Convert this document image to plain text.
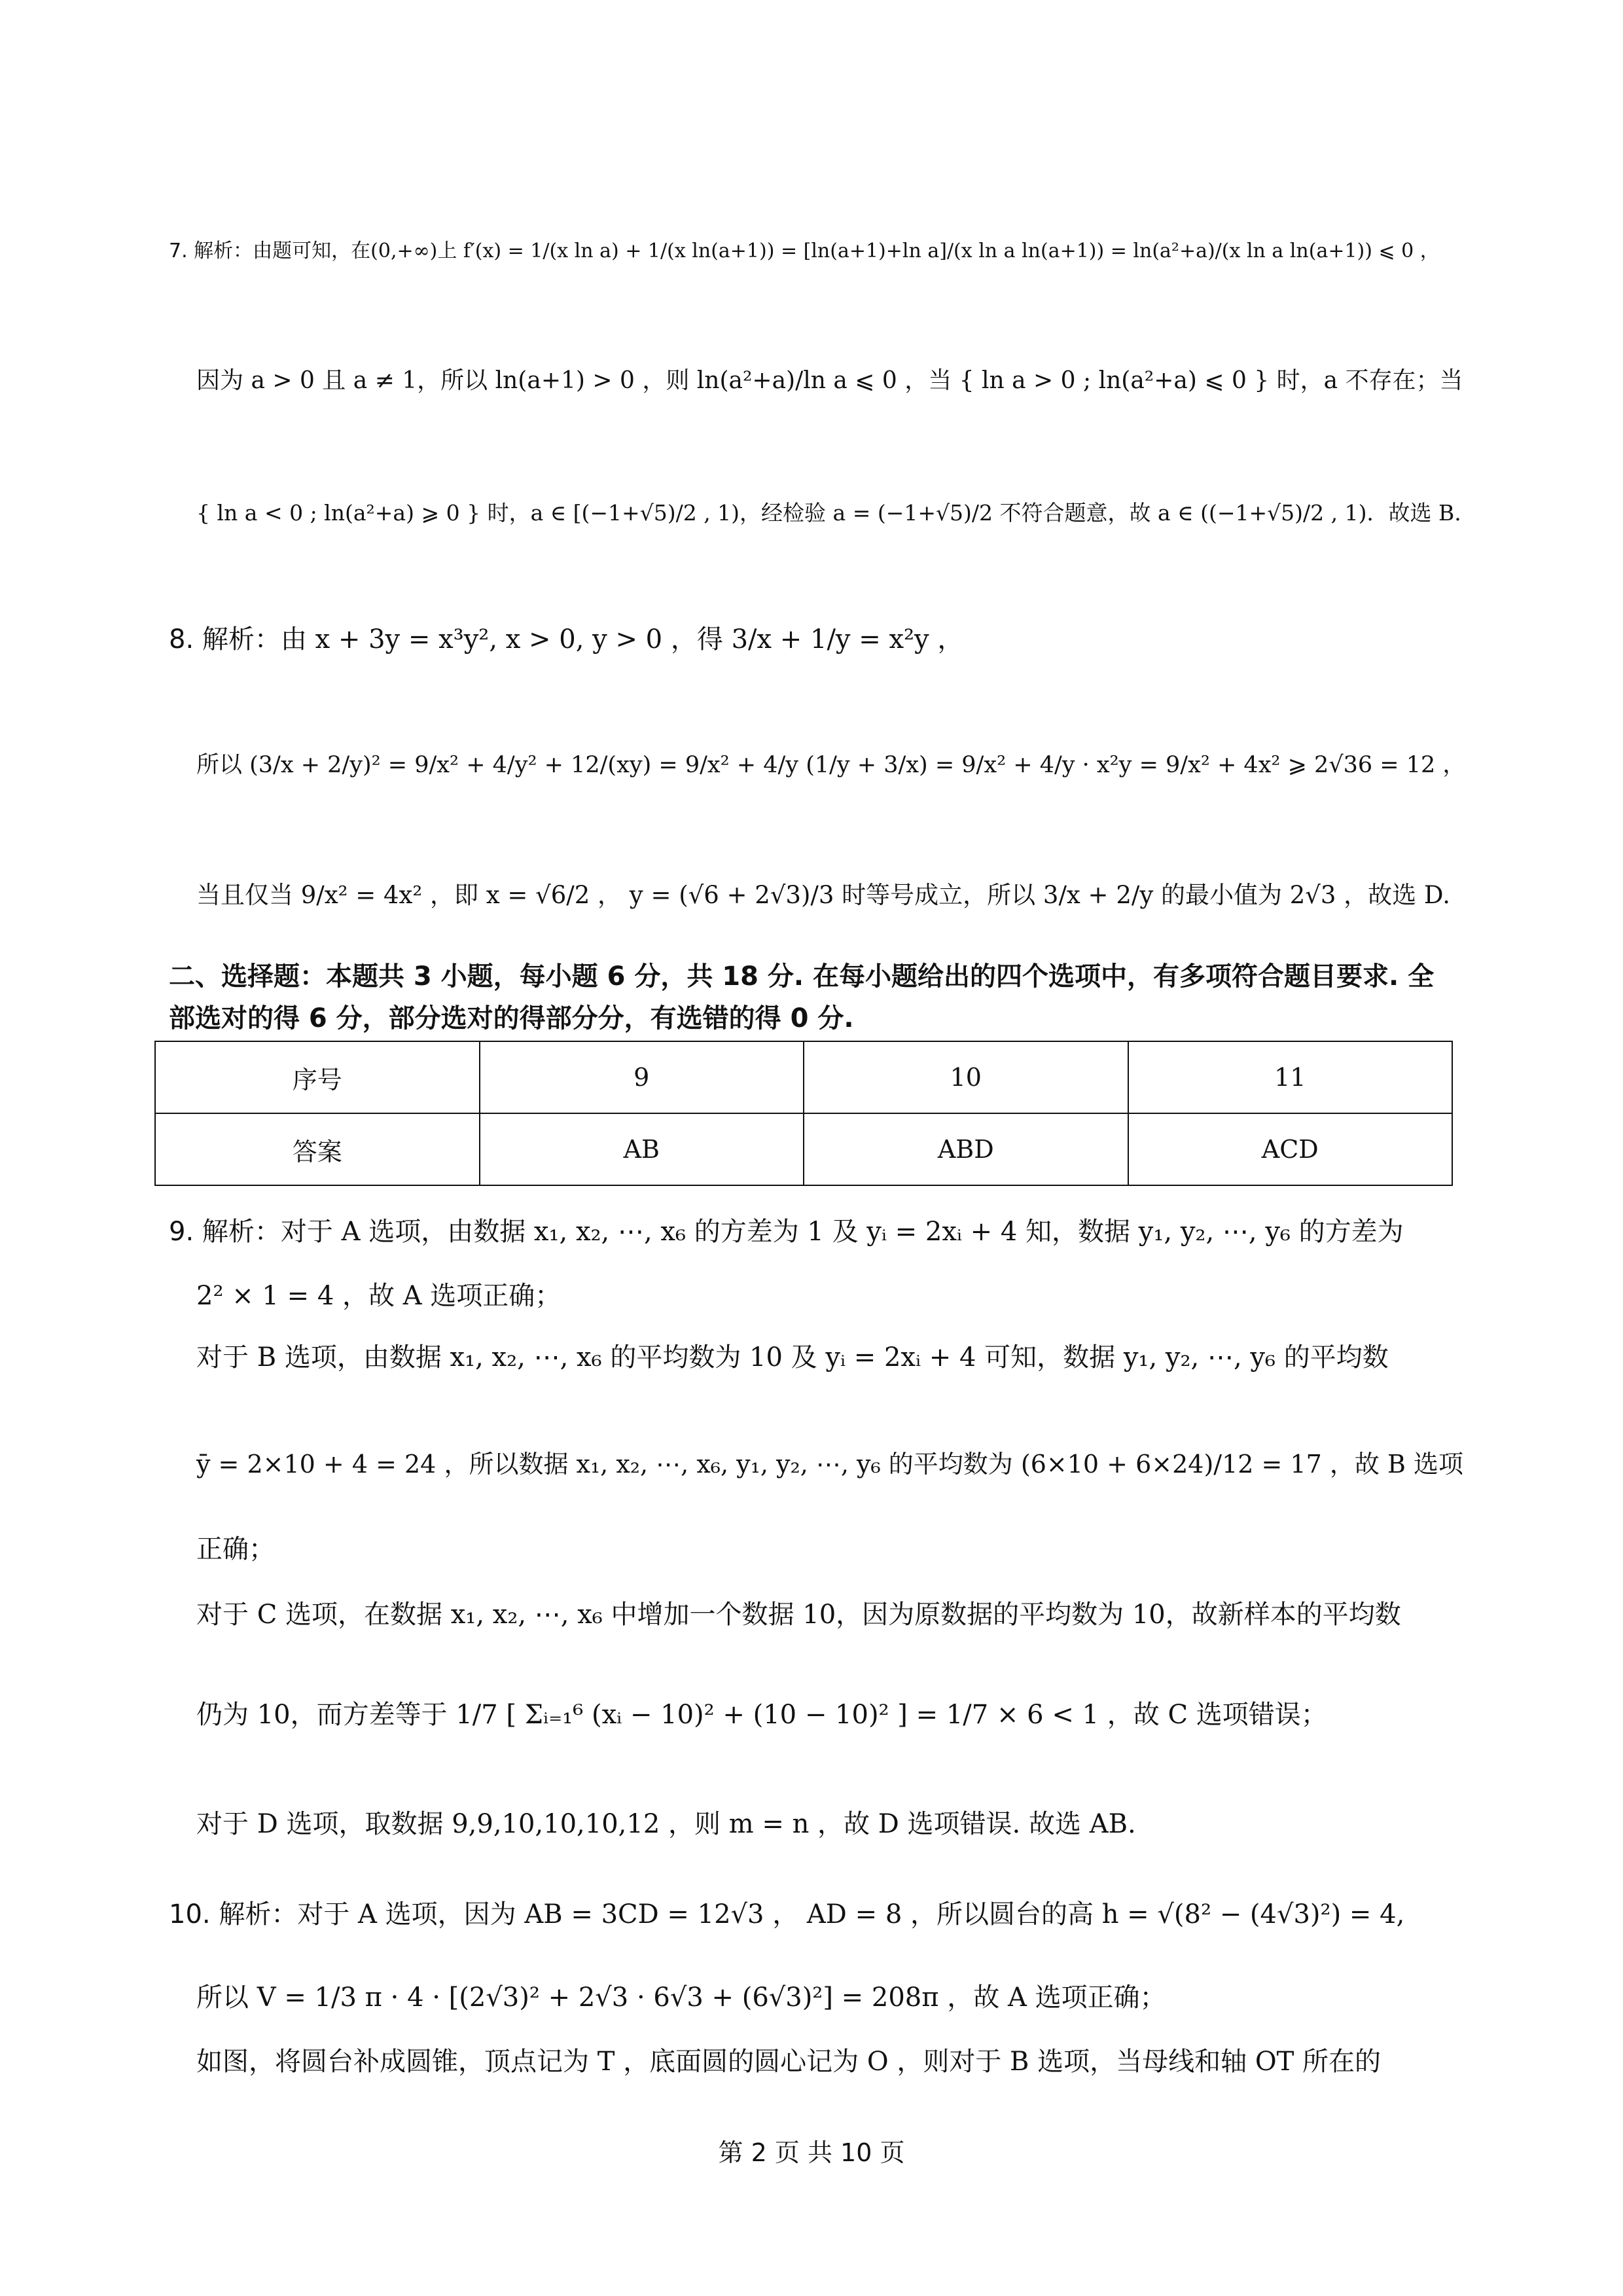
7. 解析：由题可知，在(0,+∞)上 f′(x) = 1/(x ln a) + 1/(x ln(a+1)) = [ln(a+1)+ln a]/(x ln a ln(a+1)) = ln(a²+a)/(x ln a ln(a+1)) ⩽ 0 ，
因为 a > 0 且 a ≠ 1，所以 ln(a+1) > 0 ，则 ln(a²+a)/ln a ⩽ 0 ，当 { ln a > 0 ; ln(a²+a) ⩽ 0 } 时，a 不存在；当
{ ln a < 0 ; ln(a²+a) ⩾ 0 } 时，a ∈ [(−1+√5)/2 , 1)，经检验 a = (−1+√5)/2 不符合题意，故 a ∈ ((−1+√5)/2 , 1)．故选 B.
8. 解析：由 x + 3y = x³y², x > 0, y > 0 ，得 3/x + 1/y = x²y ，
所以 (3/x + 2/y)² = 9/x² + 4/y² + 12/(xy) = 9/x² + 4/y (1/y + 3/x) = 9/x² + 4/y · x²y = 9/x² + 4x² ⩾ 2√36 = 12 ，
当且仅当 9/x² = 4x² ，即 x = √6/2 ， y = (√6 + 2√3)/3 时等号成立，所以 3/x + 2/y 的最小值为 2√3 ，故选 D.
二、选择题：本题共 3 小题，每小题 6 分，共 18 分. 在每小题给出的四个选项中，有多项符合题目要求. 全部选对的得 6 分，部分选对的得部分分，有选错的得 0 分.
序号	9	10	11
答案	AB	ABD	ACD
9. 解析：对于 A 选项，由数据 x₁, x₂, ⋯, x₆ 的方差为 1 及 yᵢ = 2xᵢ + 4 知，数据 y₁, y₂, ⋯, y₆ 的方差为
2² × 1 = 4 ，故 A 选项正确；
对于 B 选项，由数据 x₁, x₂, ⋯, x₆ 的平均数为 10 及 yᵢ = 2xᵢ + 4 可知，数据 y₁, y₂, ⋯, y₆ 的平均数
ȳ = 2×10 + 4 = 24 ，所以数据 x₁, x₂, ⋯, x₆, y₁, y₂, ⋯, y₆ 的平均数为 (6×10 + 6×24)/12 = 17 ，故 B 选项
正确；
对于 C 选项，在数据 x₁, x₂, ⋯, x₆ 中增加一个数据 10，因为原数据的平均数为 10，故新样本的平均数
仍为 10，而方差等于 1/7 [ Σᵢ₌₁⁶ (xᵢ − 10)² + (10 − 10)² ] = 1/7 × 6 < 1 ，故 C 选项错误；
对于 D 选项，取数据 9,9,10,10,10,12 ，则 m = n ，故 D 选项错误. 故选 AB.
10. 解析：对于 A 选项，因为 AB = 3CD = 12√3 ， AD = 8 ，所以圆台的高 h = √(8² − (4√3)²) = 4,
所以 V = 1/3 π · 4 · [(2√3)² + 2√3 · 6√3 + (6√3)²] = 208π ，故 A 选项正确；
如图，将圆台补成圆锥，顶点记为 T ，底面圆的圆心记为 O ，则对于 B 选项，当母线和轴 OT 所在的
第 2 页 共 10 页
